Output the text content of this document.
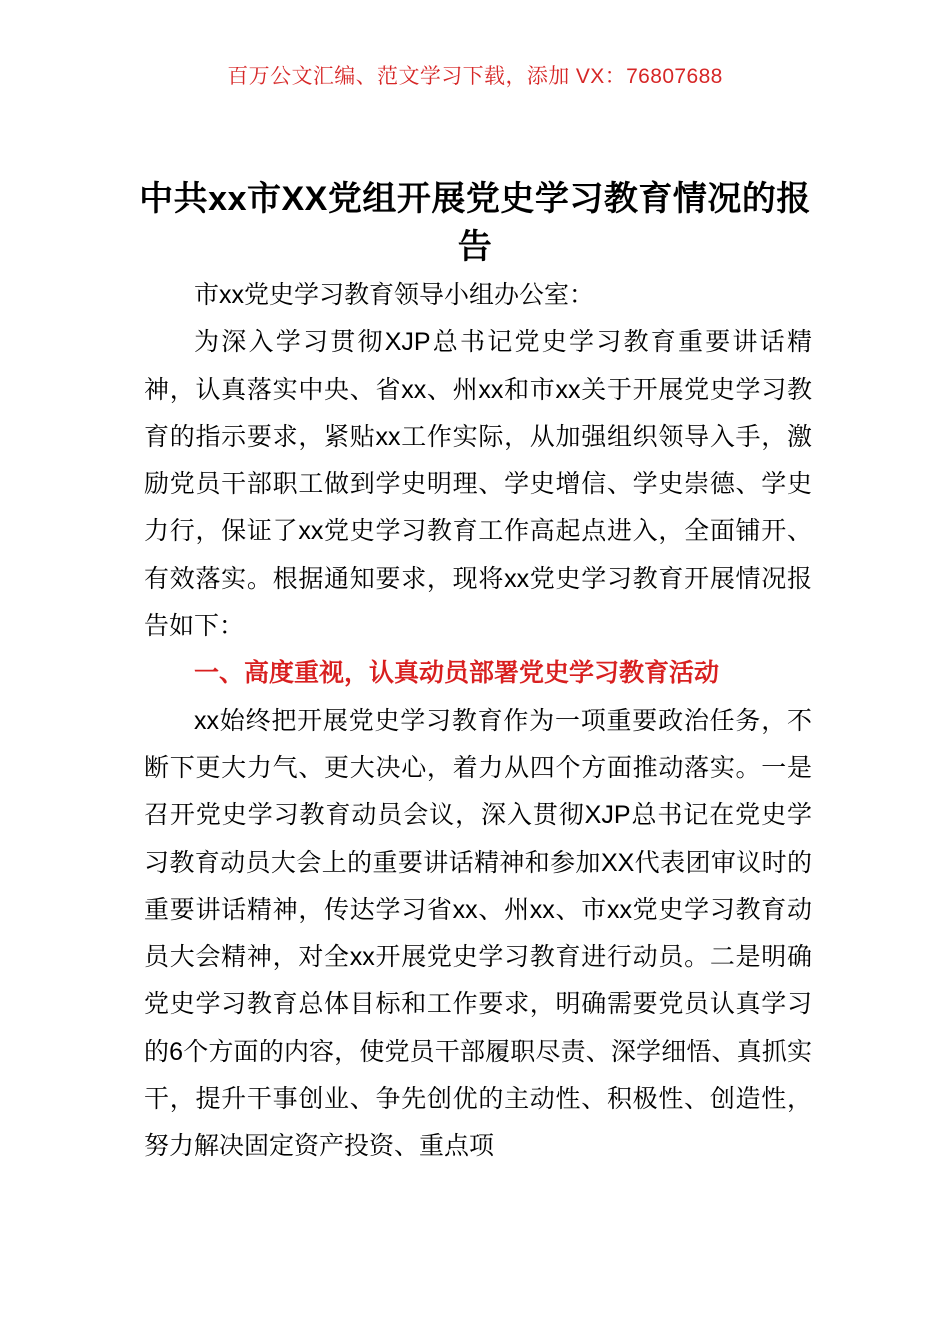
百万公文汇编、范文学习下载，添加 VX：76807688
中共xx市XX党组开展党史学习教育情况的报告

市xx党史学习教育领导小组办公室：

为深入学习贯彻XJP总书记党史学习教育重要讲话精神，认真落实中央、省xx、州xx和市xx关于开展党史学习教育的指示要求，紧贴xx工作实际，从加强组织领导入手，激励党员干部职工做到学史明理、学史增信、学史崇德、学史力行，保证了xx党史学习教育工作高起点进入，全面铺开、有效落实。根据通知要求，现将xx党史学习教育开展情况报告如下：

一、高度重视，认真动员部署党史学习教育活动

xx始终把开展党史学习教育作为一项重要政治任务，不断下更大力气、更大决心，着力从四个方面推动落实。一是召开党史学习教育动员会议，深入贯彻XJP总书记在党史学习教育动员大会上的重要讲话精神和参加XX代表团审议时的重要讲话精神，传达学习省xx、州xx、市xx党史学习教育动员大会精神，对全xx开展党史学习教育进行动员。二是明确党史学习教育总体目标和工作要求，明确需要党员认真学习的6个方面的内容，使党员干部履职尽责、深学细悟、真抓实干，提升干事创业、争先创优的主动性、积极性、创造性，努力解决固定资产投资、重点项
